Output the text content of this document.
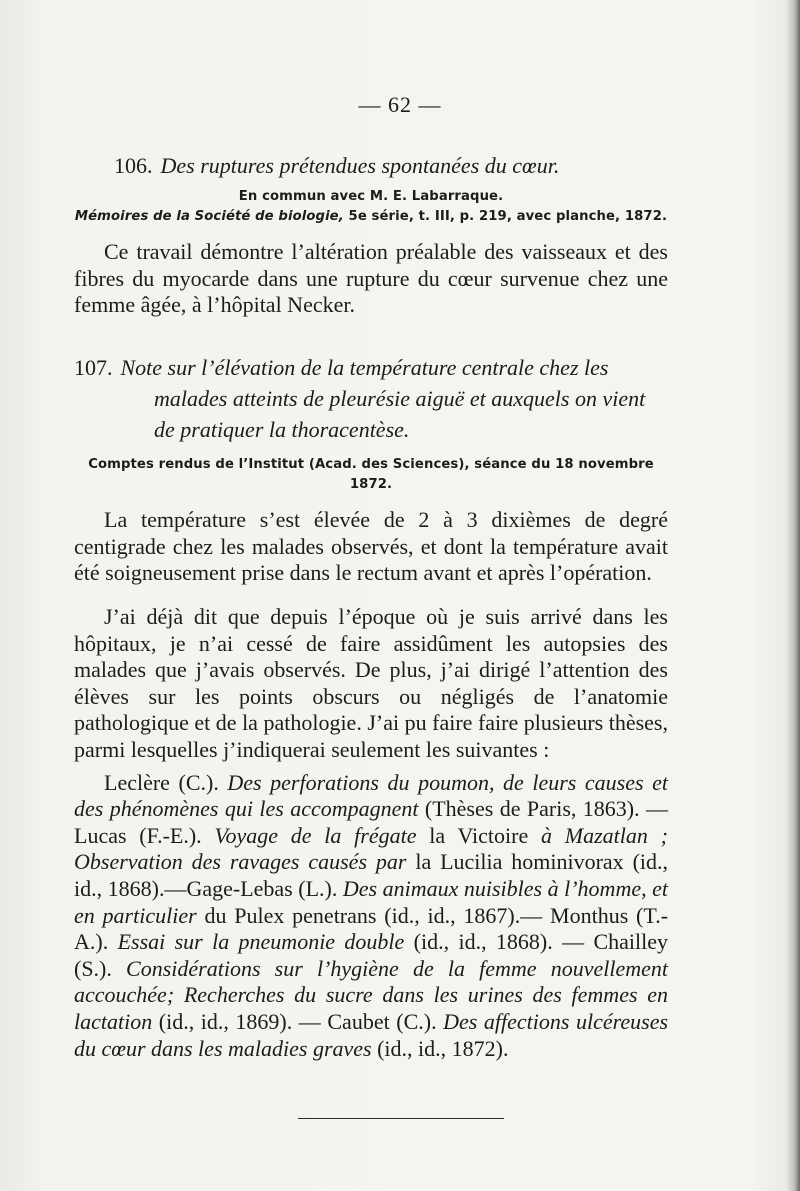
— 62 —
106. Des ruptures prétendues spontanées du cœur.
En commun avec M. E. Labarraque.
Mémoires de la Société de biologie, 5e série, t. III, p. 219, avec planche, 1872.

Ce travail démontre l’altération préalable des vaisseaux et des fibres du myocarde dans une rupture du cœur survenue chez une femme âgée, à l’hôpital Necker.

107. Note sur l’élévation de la température centrale chez les malades atteints de pleurésie aiguë et auxquels on vient de pratiquer la thoracentèse.
Comptes rendus de l’Institut (Acad. des Sciences), séance du 18 novembre 1872.

La température s’est élevée de 2 à 3 dixièmes de degré centigrade chez les malades observés, et dont la température avait été soigneusement prise dans le rectum avant et après l’opération.

J’ai déjà dit que depuis l’époque où je suis arrivé dans les hôpitaux, je n’ai cessé de faire assidûment les autopsies des malades que j’avais observés. De plus, j’ai dirigé l’attention des élèves sur les points obscurs ou négligés de l’anatomie pathologique et de la pathologie. J’ai pu faire faire plusieurs thèses, parmi lesquelles j’indiquerai seulement les suivantes :

Leclère (C.). Des perforations du poumon, de leurs causes et des phénomènes qui les accompagnent (Thèses de Paris, 1863). — Lucas (F.-E.). Voyage de la frégate la Victoire à Mazatlan ; Observation des ravages causés par la Lucilia hominivorax (id., id., 1868).—Gage-Lebas (L.). Des animaux nuisibles à l’homme, et en particulier du Pulex penetrans (id., id., 1867).— Monthus (T.-A.). Essai sur la pneumonie double (id., id., 1868). — Chailley (S.). Considérations sur l’hygiène de la femme nouvellement accouchée; Recherches du sucre dans les urines des femmes en lactation (id., id., 1869). — Caubet (C.). Des affections ulcéreuses du cœur dans les maladies graves (id., id., 1872).
